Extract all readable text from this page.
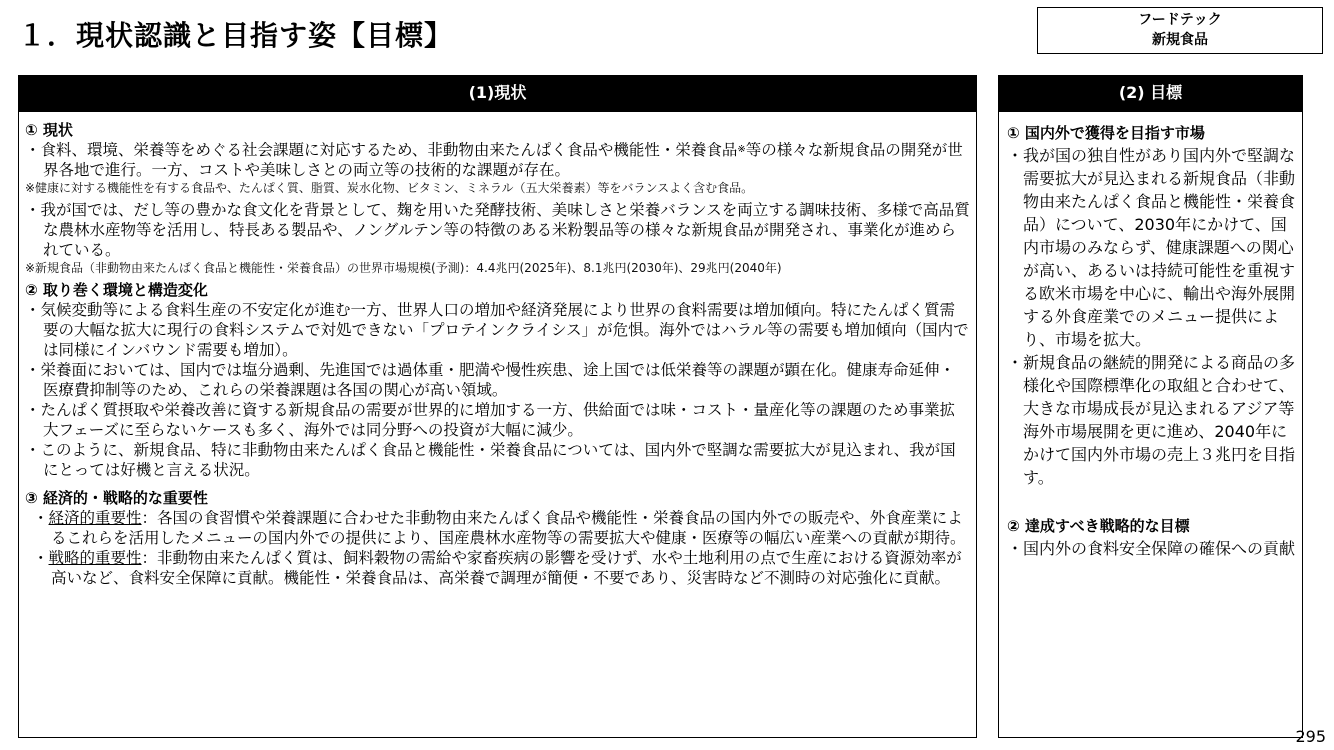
１．現状認識と目指す姿【目標】	フードテック
新規食品
(1)現状

① 現状

・食料、環境、栄養等をめぐる社会課題に対応するため、非動物由来たんぱく食品や機能性・栄養食品※等の様々な新規食品の開発が世界各地で進行。一方、コストや美味しさとの両立等の技術的な課題が存在。

※健康に対する機能性を有する食品や、たんぱく質、脂質、炭水化物、ビタミン、ミネラル（五大栄養素）等をバランスよく含む食品。

・我が国では、だし等の豊かな食文化を背景として、麹を用いた発酵技術、美味しさと栄養バランスを両立する調味技術、多様で高品質な農林水産物等を活用し、特長ある製品や、ノングルテン等の特徴のある米粉製品等の様々な新規食品が開発され、事業化が進められている。

※新規食品（非動物由来たんぱく食品と機能性・栄養食品）の世界市場規模(予測)：4.4兆円(2025年)、8.1兆円(2030年)、29兆円(2040年)

② 取り巻く環境と構造変化

・気候変動等による食料生産の不安定化が進む一方、世界人口の増加や経済発展により世界の食料需要は増加傾向。特にたんぱく質需要の大幅な拡大に現行の食料システムで対処できない「プロテインクライシス」が危惧。海外ではハラル等の需要も増加傾向（国内では同様にインバウンド需要も増加）。

・栄養面においては、国内では塩分過剰、先進国では過体重・肥満や慢性疾患、途上国では低栄養等の課題が顕在化。健康寿命延伸・医療費抑制等のため、これらの栄養課題は各国の関心が高い領域。

・たんぱく質摂取や栄養改善に資する新規食品の需要が世界的に増加する一方、供給面では味・コスト・量産化等の課題のため事業拡大フェーズに至らないケースも多く、海外では同分野への投資が大幅に減少。

・このように、新規食品、特に非動物由来たんぱく食品と機能性・栄養食品については、国内外で堅調な需要拡大が見込まれ、我が国にとっては好機と言える状況。

③ 経済的・戦略的な重要性

・経済的重要性：各国の食習慣や栄養課題に合わせた非動物由来たんぱく食品や機能性・栄養食品の国内外での販売や、外食産業によるこれらを活用したメニューの国内外での提供により、国産農林水産物等の需要拡大や健康・医療等の幅広い産業への貢献が期待。

・戦略的重要性：非動物由来たんぱく質は、飼料穀物の需給や家畜疾病の影響を受けず、水や土地利用の点で生産における資源効率が高いなど、食料安全保障に貢献。機能性・栄養食品は、高栄養で調理が簡便・不要であり、災害時など不測時の対応強化に貢献。

(2) 目標

① 国内外で獲得を目指す市場

・我が国の独自性があり国内外で堅調な需要拡大が見込まれる新規食品（非動物由来たんぱく食品と機能性・栄養食品）について、2030年にかけて、国内市場のみならず、健康課題への関心が高い、あるいは持続可能性を重視する欧米市場を中心に、輸出や海外展開する外食産業でのメニュー提供により、市場を拡大。

・新規食品の継続的開発による商品の多様化や国際標準化の取組と合わせて、大きな市場成長が見込まれるアジア等海外市場展開を更に進め、2040年にかけて国内外市場の売上３兆円を目指す。

② 達成すべき戦略的な目標

・国内外の食料安全保障の確保への貢献

295
